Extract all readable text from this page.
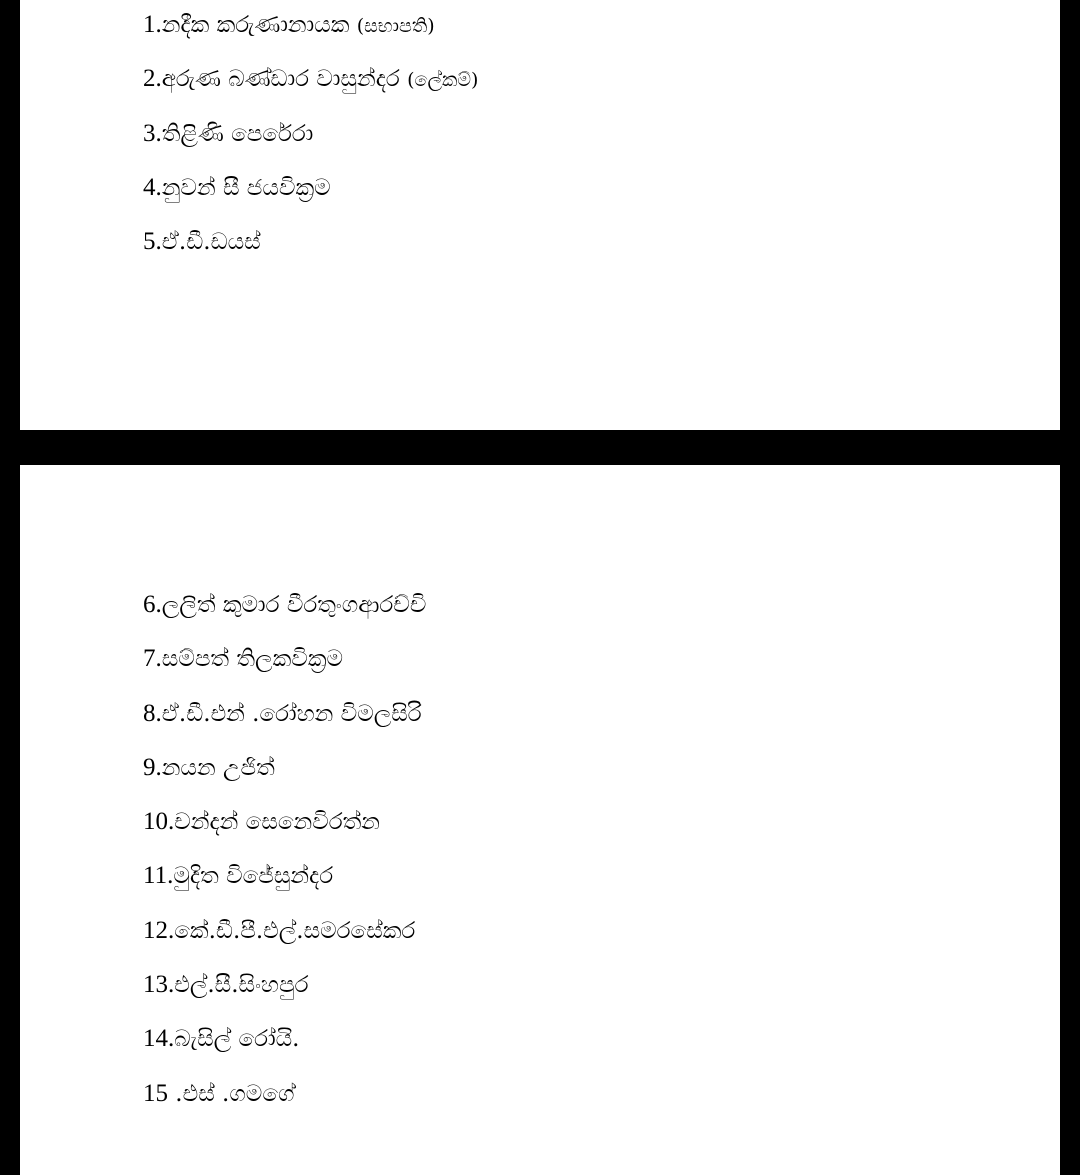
1.නදීක කරුණානායක (සභාපති)
2.අරුණ බණ්ඩාර වාසුන්දර (ලේකම්)
3.තිළිණි පෙරේරා
4.නුවන් සී ජයවික්‍රම
5.ඒ.ඩී.ඩයස්
6.ලලිත් කුමාර වීරතුංගආරච්චි
7.සම්පත් තිලකවික්‍රම
8.ඒ.ඩී.එන් .රෝහන විමලසිරි
9.නයන උජිත්
10.චන්දන් සෙනෙවිරත්න
11.මුදිත විජේසුන්දර
12.කේ.ඩී.පී.එල්.සමරසේකර
13.එල්.සී.සිංහපුර
14.බැසිල් රෝයි.
15 .එස් .ගමගේ
